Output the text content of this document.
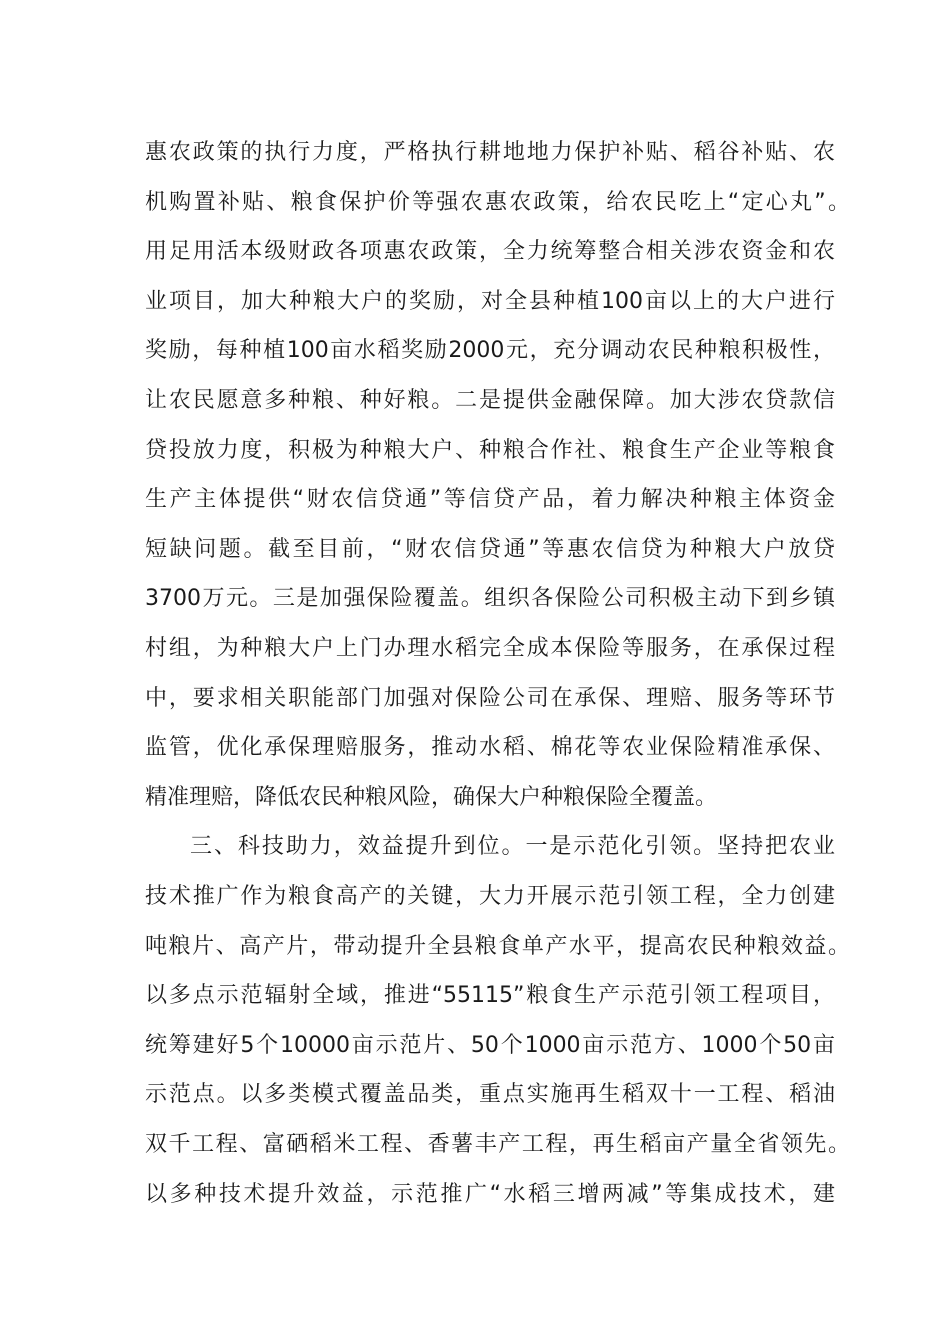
惠农政策的执行力度，严格执行耕地地力保护补贴、稻谷补贴、农
机购置补贴、粮食保护价等强农惠农政策，给农民吃上“定心丸”。
用足用活本级财政各项惠农政策，全力统筹整合相关涉农资金和农
业项目，加大种粮大户的奖励，对全县种植100亩以上的大户进行
奖励，每种植100亩水稻奖励2000元，充分调动农民种粮积极性，
让农民愿意多种粮、种好粮。二是提供金融保障。加大涉农贷款信
贷投放力度，积极为种粮大户、种粮合作社、粮食生产企业等粮食
生产主体提供“财农信贷通”等信贷产品，着力解决种粮主体资金
短缺问题。截至目前，“财农信贷通”等惠农信贷为种粮大户放贷
3700万元。三是加强保险覆盖。组织各保险公司积极主动下到乡镇
村组，为种粮大户上门办理水稻完全成本保险等服务，在承保过程
中，要求相关职能部门加强对保险公司在承保、理赔、服务等环节
监管，优化承保理赔服务，推动水稻、棉花等农业保险精准承保、
精准理赔，降低农民种粮风险，确保大户种粮保险全覆盖。
三、科技助力，效益提升到位。一是示范化引领。坚持把农业
技术推广作为粮食高产的关键，大力开展示范引领工程，全力创建
吨粮片、高产片，带动提升全县粮食单产水平，提高农民种粮效益。
以多点示范辐射全域，推进“55115”粮食生产示范引领工程项目，
统筹建好5个10000亩示范片、50个1000亩示范方、1000个50亩
示范点。以多类模式覆盖品类，重点实施再生稻双十一工程、稻油
双千工程、富硒稻米工程、香薯丰产工程，再生稻亩产量全省领先。
以多种技术提升效益，示范推广“水稻三增两减”等集成技术，建
